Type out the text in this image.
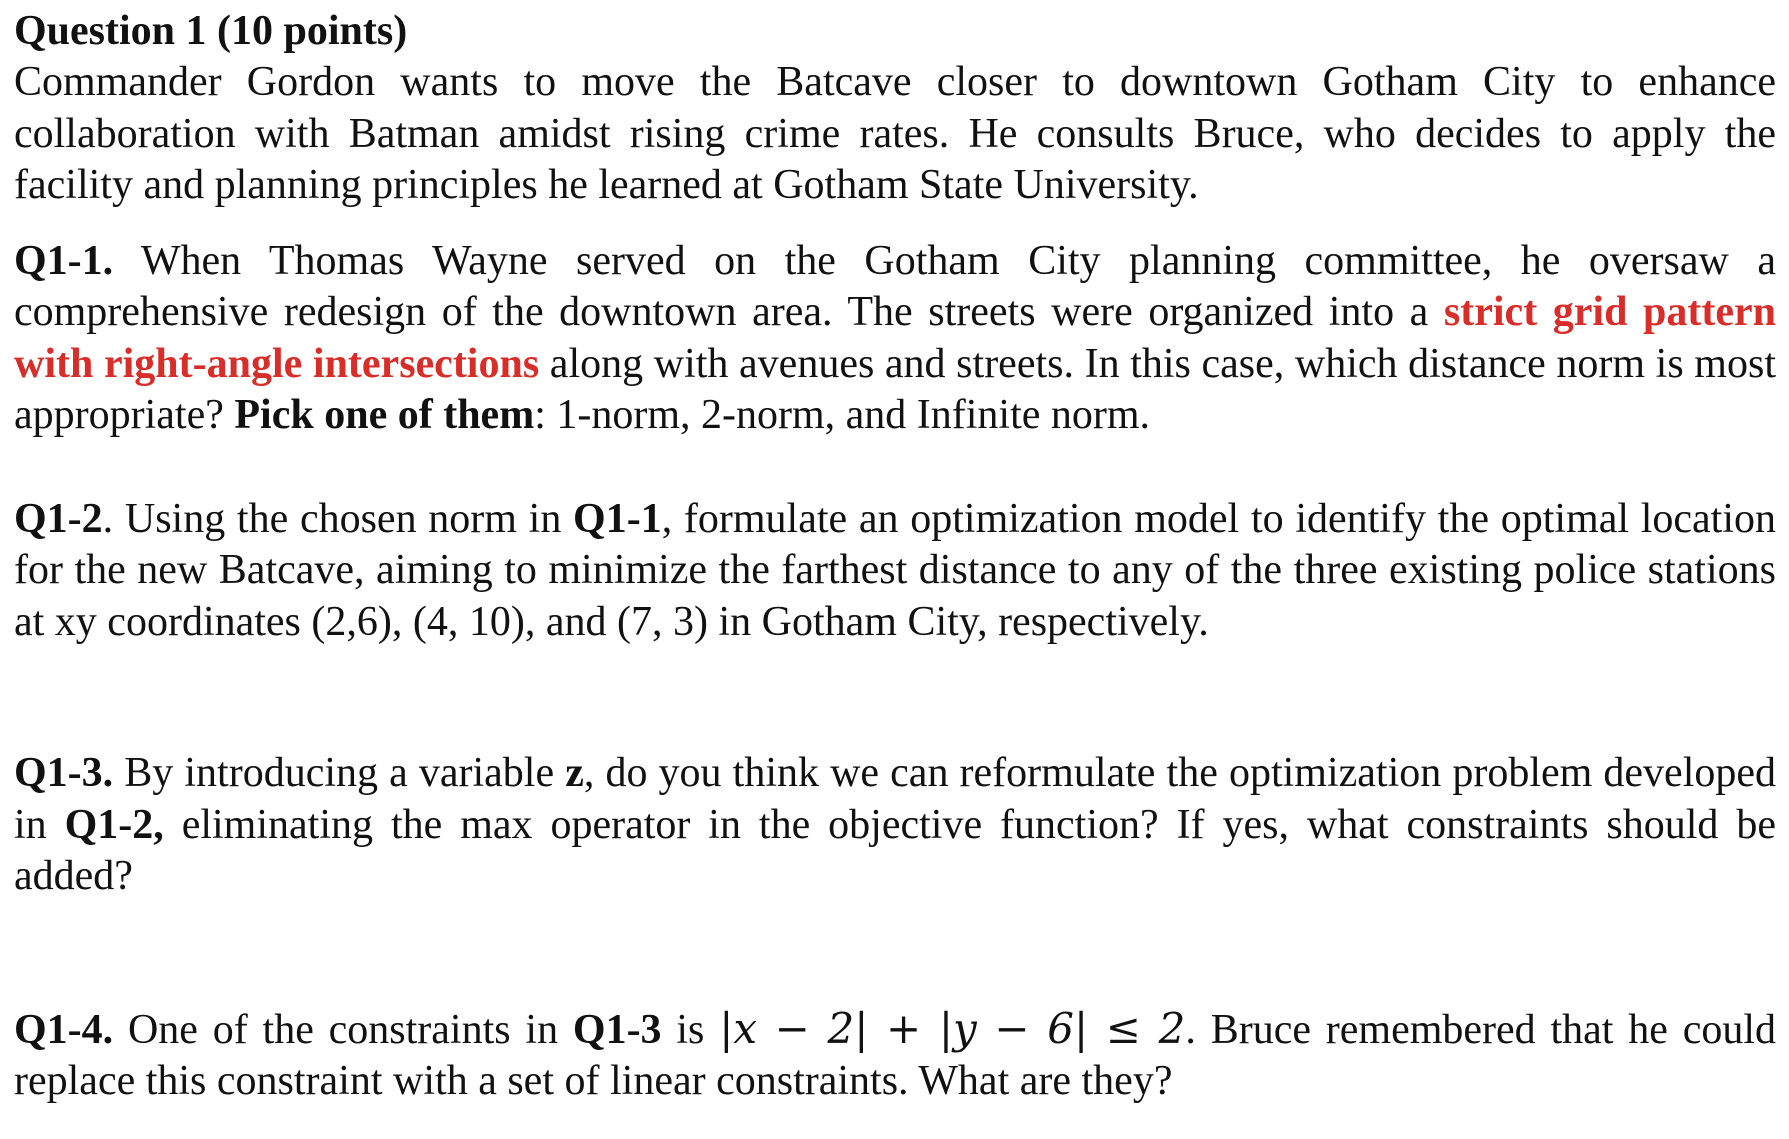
Question 1 (10 points)

Commander Gordon wants to move the Batcave closer to downtown Gotham City to enhance collaboration with Batman amidst rising crime rates. He consults Bruce, who decides to apply the facility and planning principles he learned at Gotham State University.

Q1-1. When Thomas Wayne served on the Gotham City planning committee, he oversaw a comprehensive redesign of the downtown area. The streets were organized into a strict grid pattern with right-angle intersections along with avenues and streets. In this case, which distance norm is most appropriate? Pick one of them: 1-norm, 2-norm, and Infinite norm.

Q1-2. Using the chosen norm in Q1-1, formulate an optimization model to identify the optimal location for the new Batcave, aiming to minimize the farthest distance to any of the three existing police stations at xy coordinates (2,6), (4, 10), and (7, 3) in Gotham City, respectively.

Q1-3. By introducing a variable z, do you think we can reformulate the optimization problem developed in Q1-2, eliminating the max operator in the objective function? If yes, what constraints should be added?

Q1-4. One of the constraints in Q1-3 is |x − 2| + |y − 6| ≤ 2. Bruce remembered that he could replace this constraint with a set of linear constraints. What are they?
